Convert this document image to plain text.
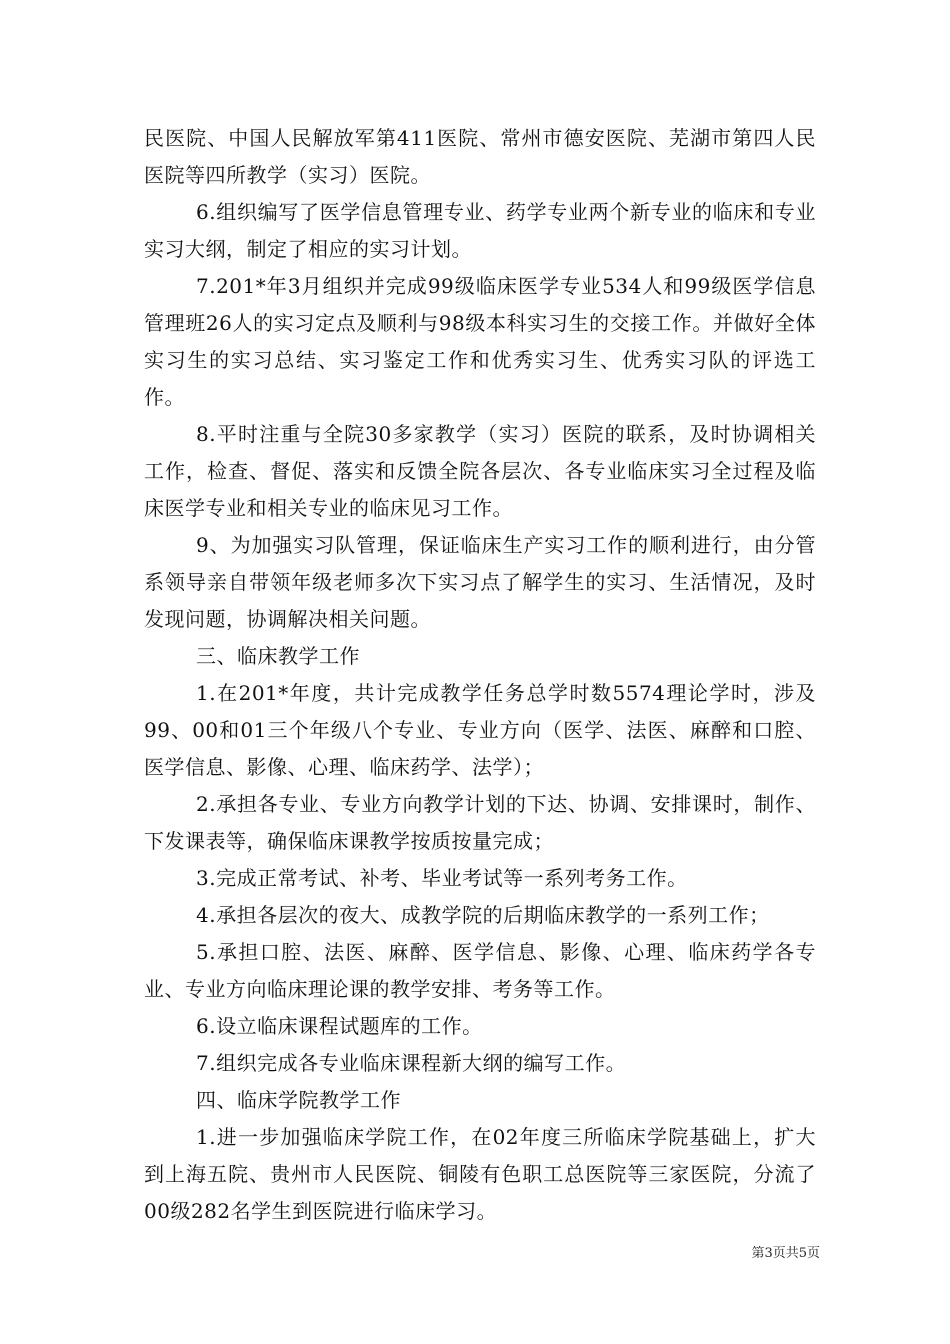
民医院、中国人民解放军第411医院、常州市德安医院、芜湖市第四人民医院等四所教学（实习）医院。

6.组织编写了医学信息管理专业、药学专业两个新专业的临床和专业实习大纲，制定了相应的实习计划。

7.201*年3月组织并完成99级临床医学专业534人和99级医学信息管理班26人的实习定点及顺利与98级本科实习生的交接工作。并做好全体实习生的实习总结、实习鉴定工作和优秀实习生、优秀实习队的评选工作。

8.平时注重与全院30多家教学（实习）医院的联系，及时协调相关工作，检查、督促、落实和反馈全院各层次、各专业临床实习全过程及临床医学专业和相关专业的临床见习工作。

9、为加强实习队管理，保证临床生产实习工作的顺利进行，由分管系领导亲自带领年级老师多次下实习点了解学生的实习、生活情况，及时发现问题，协调解决相关问题。

三、临床教学工作

1.在201*年度，共计完成教学任务总学时数5574理论学时，涉及99、00和01三个年级八个专业、专业方向（医学、法医、麻醉和口腔、医学信息、影像、心理、临床药学、法学）；

2.承担各专业、专业方向教学计划的下达、协调、安排课时，制作、下发课表等，确保临床课教学按质按量完成；

3.完成正常考试、补考、毕业考试等一系列考务工作。

4.承担各层次的夜大、成教学院的后期临床教学的一系列工作；

5.承担口腔、法医、麻醉、医学信息、影像、心理、临床药学各专业、专业方向临床理论课的教学安排、考务等工作。

6.设立临床课程试题库的工作。

7.组织完成各专业临床课程新大纲的编写工作。

四、临床学院教学工作

1.进一步加强临床学院工作，在02年度三所临床学院基础上，扩大到上海五院、贵州市人民医院、铜陵有色职工总医院等三家医院，分流了00级282名学生到医院进行临床学习。

第3页共5页
